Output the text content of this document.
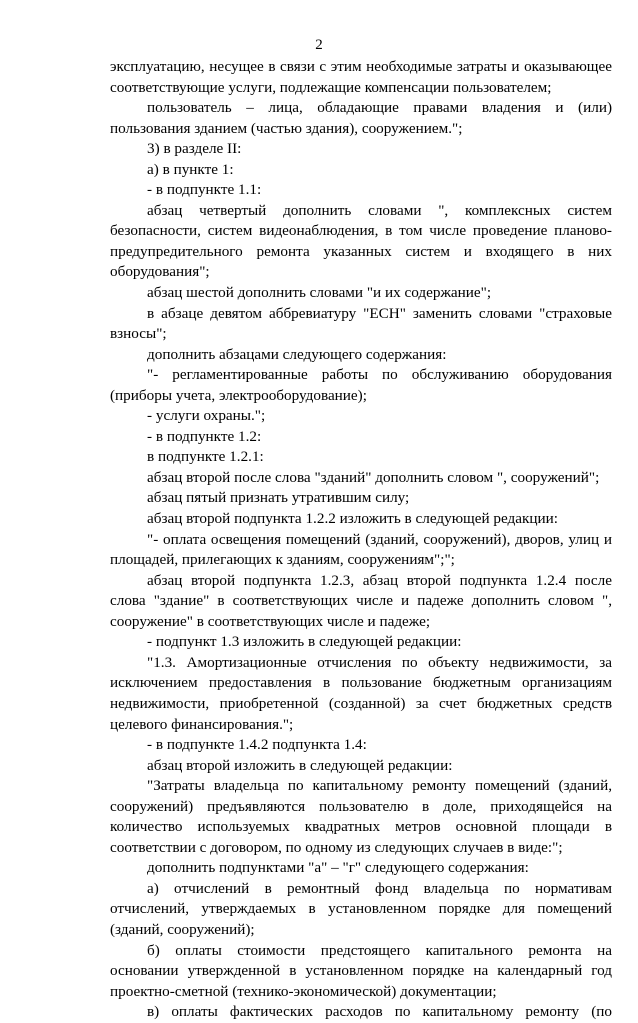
2

эксплуатацию, несущее в связи с этим необходимые затраты и оказывающее соответствующие услуги, подлежащие компенсации пользователем;

пользователь – лица, обладающие правами владения и (или) пользования зданием (частью здания), сооружением.";

3) в разделе II:

а) в пункте 1:

- в подпункте 1.1:

абзац четвертый дополнить словами ", комплексных систем безопасности, систем видеонаблюдения, в том числе проведение планово-предупредительного ремонта указанных систем и входящего в них оборудования";

абзац шестой дополнить словами "и их содержание";

в абзаце девятом аббревиатуру "ЕСН" заменить словами "страховые взносы";

дополнить абзацами следующего содержания:

"- регламентированные работы по обслуживанию оборудования (приборы учета, электрооборудование);

- услуги охраны.";

- в подпункте 1.2:

в подпункте 1.2.1:

абзац второй после слова "зданий" дополнить словом ", сооружений";

абзац пятый признать утратившим силу;

абзац второй подпункта 1.2.2 изложить в следующей редакции:

"- оплата освещения помещений (зданий, сооружений), дворов, улиц и площадей, прилегающих к зданиям, сооружениям";";

абзац второй подпункта 1.2.3, абзац второй подпункта 1.2.4 после слова "здание" в соответствующих числе и падеже дополнить словом ", сооружение" в соответствующих числе и падеже;

- подпункт 1.3 изложить в следующей редакции:

"1.3. Амортизационные отчисления по объекту недвижимости, за исключением предоставления в пользование бюджетным организациям недвижимости, приобретенной (созданной) за счет бюджетных средств целевого финансирования.";

- в подпункте 1.4.2 подпункта 1.4:

абзац второй изложить в следующей редакции:

"Затраты владельца по капитальному ремонту помещений (зданий, сооружений) предъявляются пользователю в доле, приходящейся на количество используемых квадратных метров основной площади в соответствии с договором, по одному из следующих случаев в виде:";

дополнить подпунктами "а" – "г" следующего содержания:

а) отчислений в ремонтный фонд владельца по нормативам отчислений, утверждаемых в установленном порядке для помещений (зданий, сооружений);

б) оплаты стоимости предстоящего капитального ремонта на основании утвержденной в установленном порядке на календарный год проектно-сметной (технико-экономической) документации;

в) оплаты фактических расходов по капитальному ремонту (по
